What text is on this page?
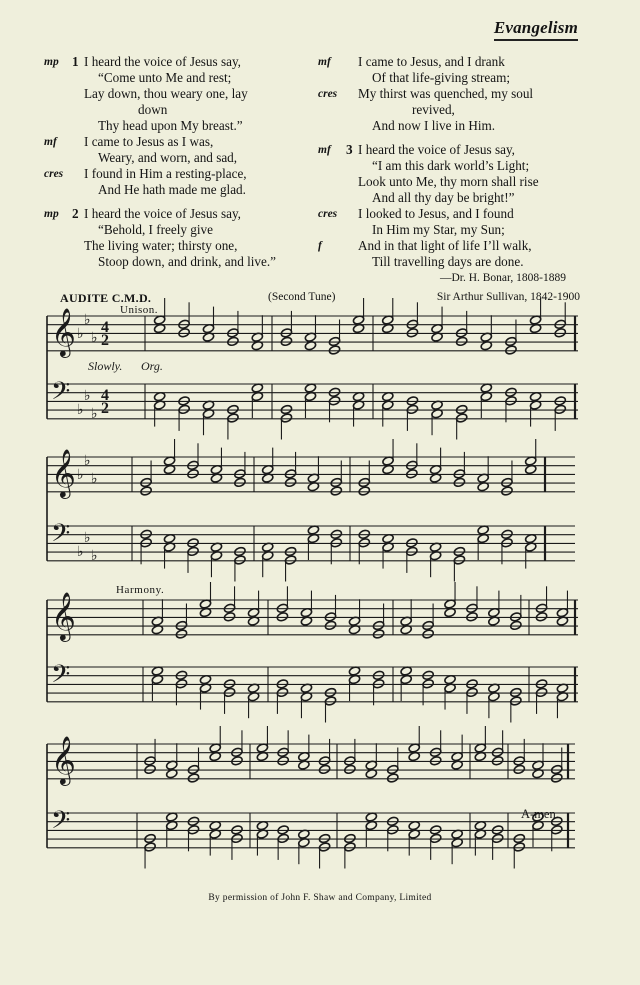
Evangelism
mp	1 I heard the voice of Jesus say,
“Come unto Me and rest;
Lay down, thou weary one, lay
down
Thy head upon My breast.”
mf	I came to Jesus as I was,
Weary, and worn, and sad,
cres	I found in Him a resting-place,
And He hath made me glad.
mp	2 I heard the voice of Jesus say,
“Behold, I freely give
The living water; thirsty one,
Stoop down, and drink, and live.”
mf	I came to Jesus, and I drank
Of that life-giving stream;
cres	My thirst was quenched, my soul
revived,
And now I live in Him.
mf	3 I heard the voice of Jesus say,
“I am this dark world’s Light;
Look unto Me, thy morn shall rise
And all thy day be bright!”
cres	I looked to Jesus, and I found
In Him my Star, my Sun;
f	And in that light of life I’ll walk,
Till travelling days are done.
—Dr. H. Bonar, 1808-1889
AUDITE C.M.D.
Unison.
(Second Tune)	Sir Arthur Sullivan, 1842-1900
𝄞
𝄢
♭
♭
♭
♭
♭
♭
4
4
2
2
𝄞
𝄢
♭
♭
♭
♭
♭
♭
𝄞
𝄢
𝄞
𝄢
Slowly. Org.
Harmony.
A-men.
By permission of John F. Shaw and Company, Limited
